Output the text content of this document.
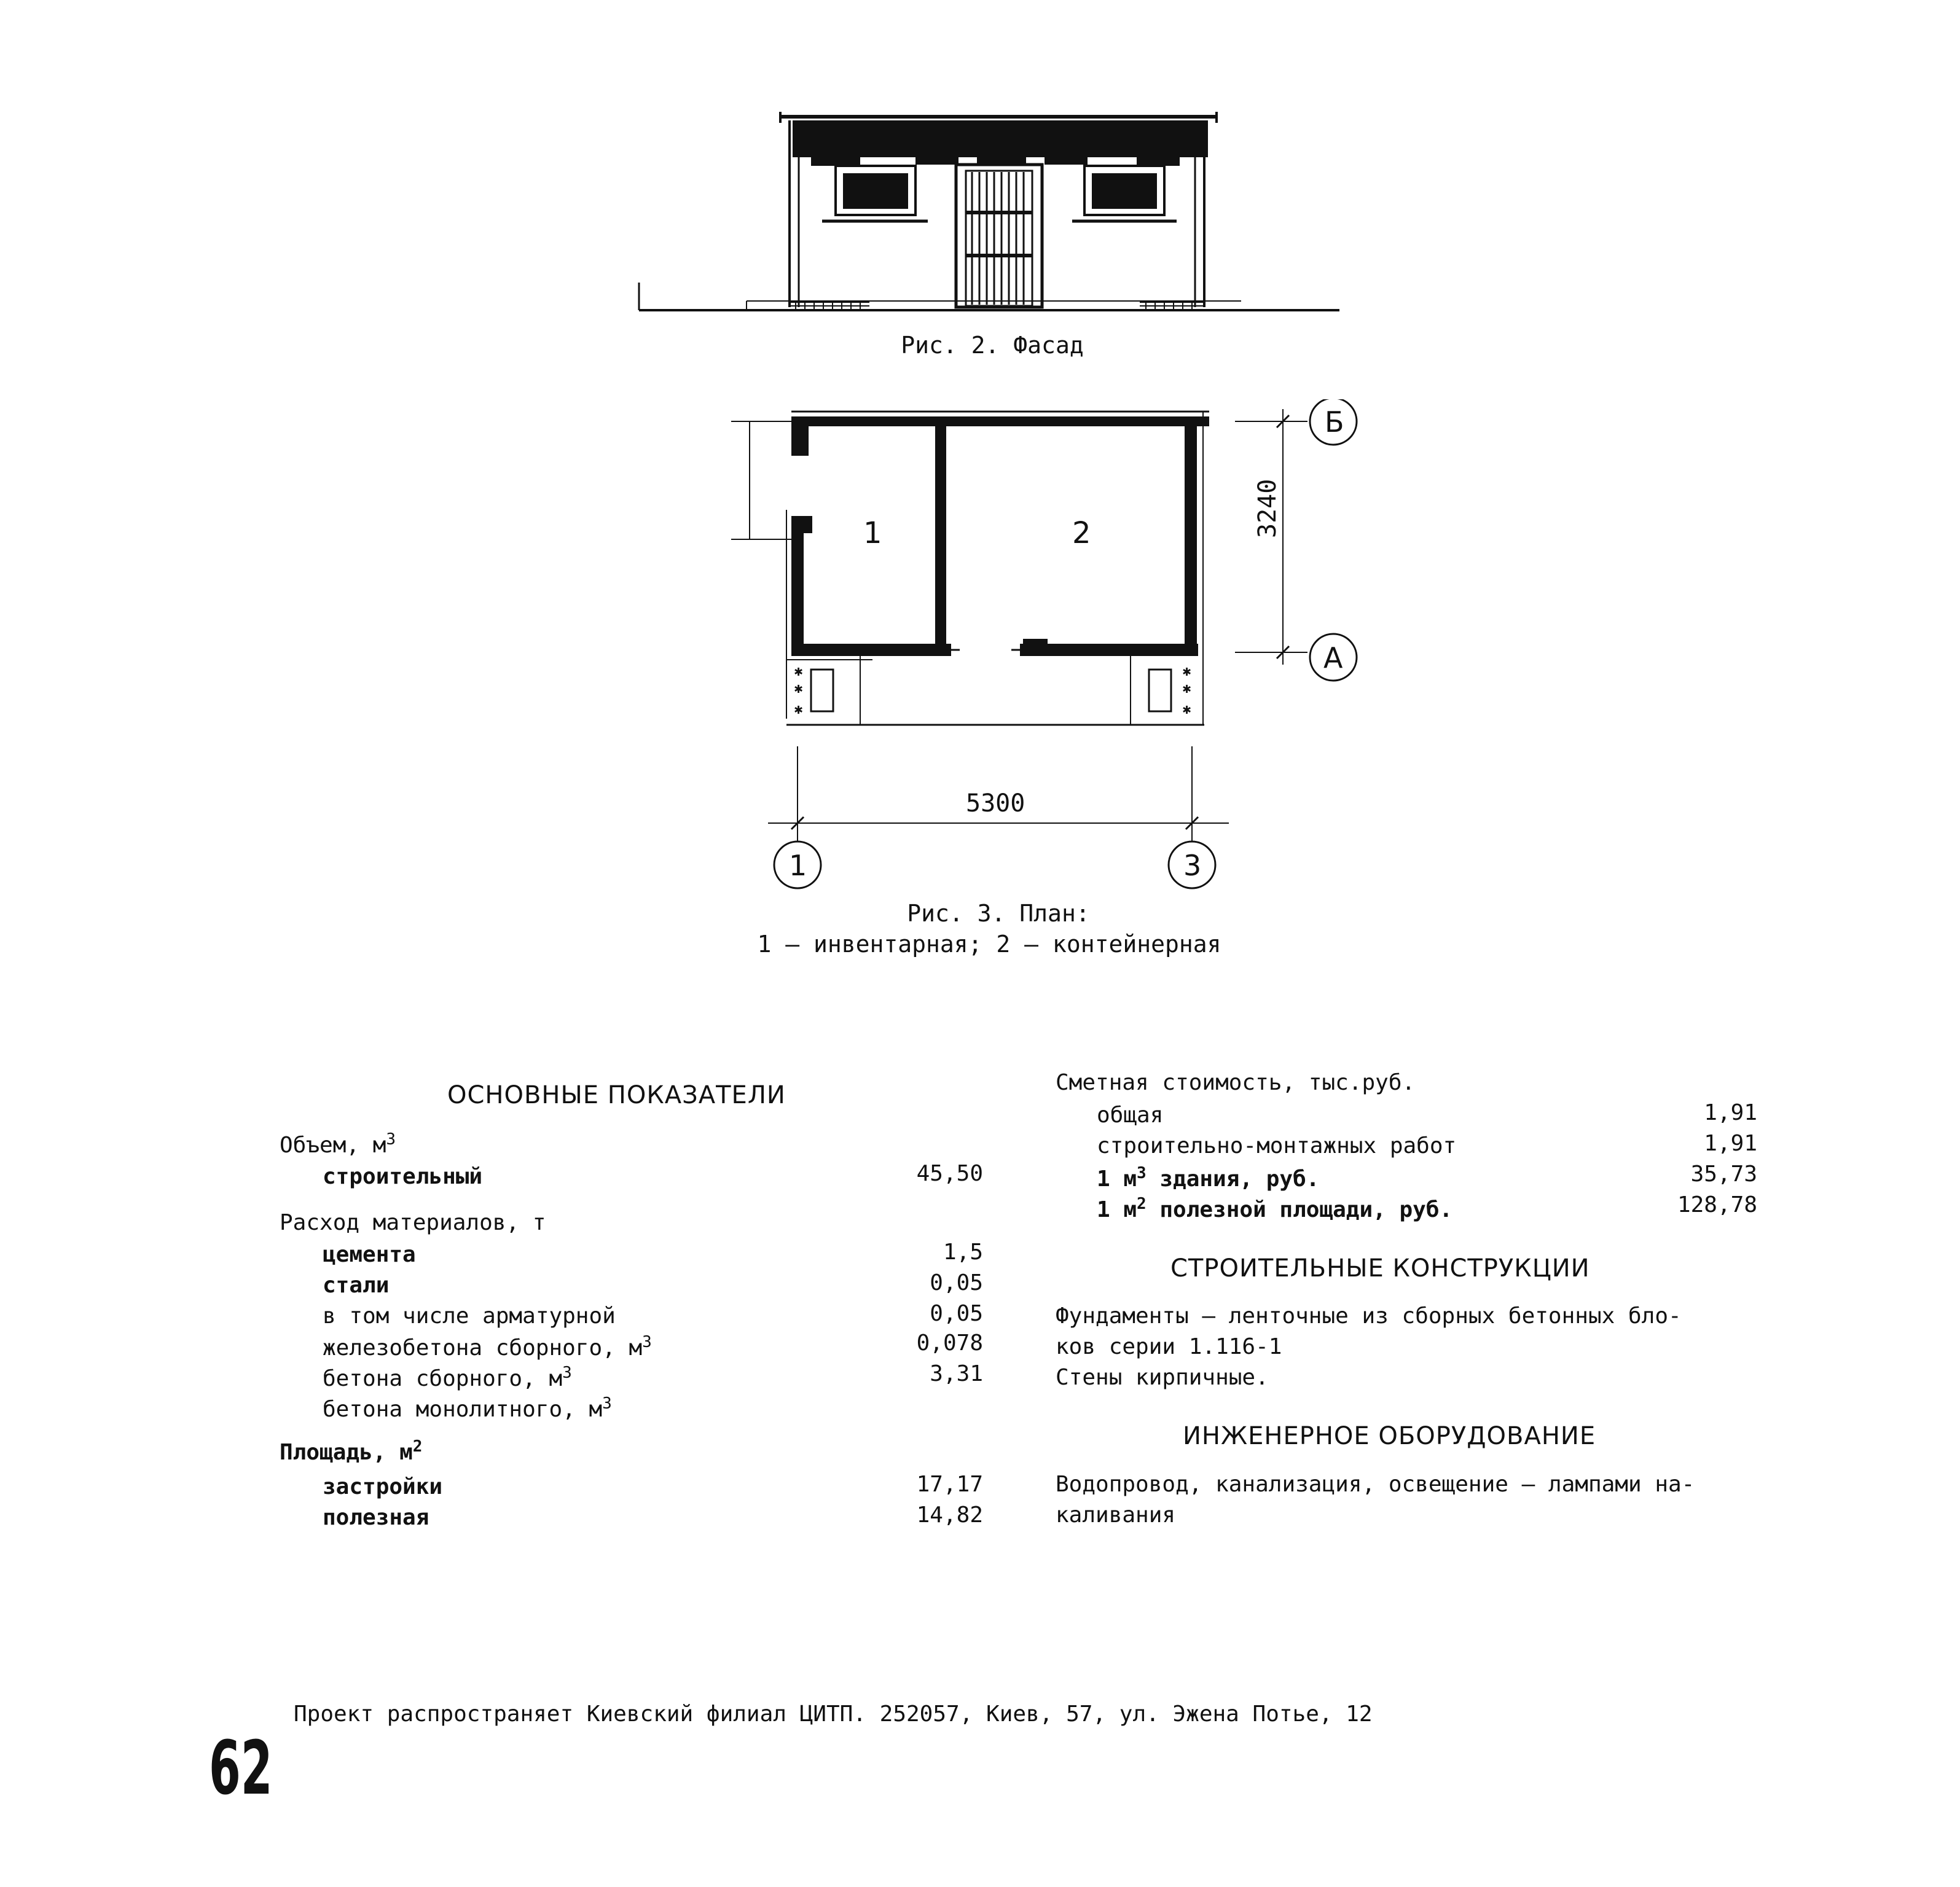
Рис. 2. Фасад
✱
✱
✱
✱
✱
✱
1	2
5300
3240
Б
А
1	3
Рис. 3. План:
1 – инвентарная; 2 – контейнерная
ОСНОВНЫЕ ПОКАЗАТЕЛИ
Объем, $м^3$
строительный	45,50
Расход материалов, т
цемента	1,5
стали	0,05
в том числе арматурной	0,05
железобетона сборного, $м^3$	0,078
бетона сборного, $м^3$	3,31
бетона монолитного, $м^3$
Площадь, $м^2$
застройки	17,17
полезная	14,82
Сметная стоимость, тыс.руб.
общая	1,91
строительно-монтажных работ	1,91
1 $м^3$ здания, руб.	35,73
1 $м^2$ полезной площади, руб.	128,78
СТРОИТЕЛЬНЫЕ КОНСТРУКЦИИ
Фундаменты – ленточные из сборных бетонных бло-
ков серии 1.116-1
Стены кирпичные.
ИНЖЕНЕРНОЕ ОБОРУДОВАНИЕ
Водопровод, канализация, освещение – лампами на-
каливания
Проект распространяет Киевский филиал ЦИТП. 252057, Киев, 57, ул. Эжена Потье, 12
62
